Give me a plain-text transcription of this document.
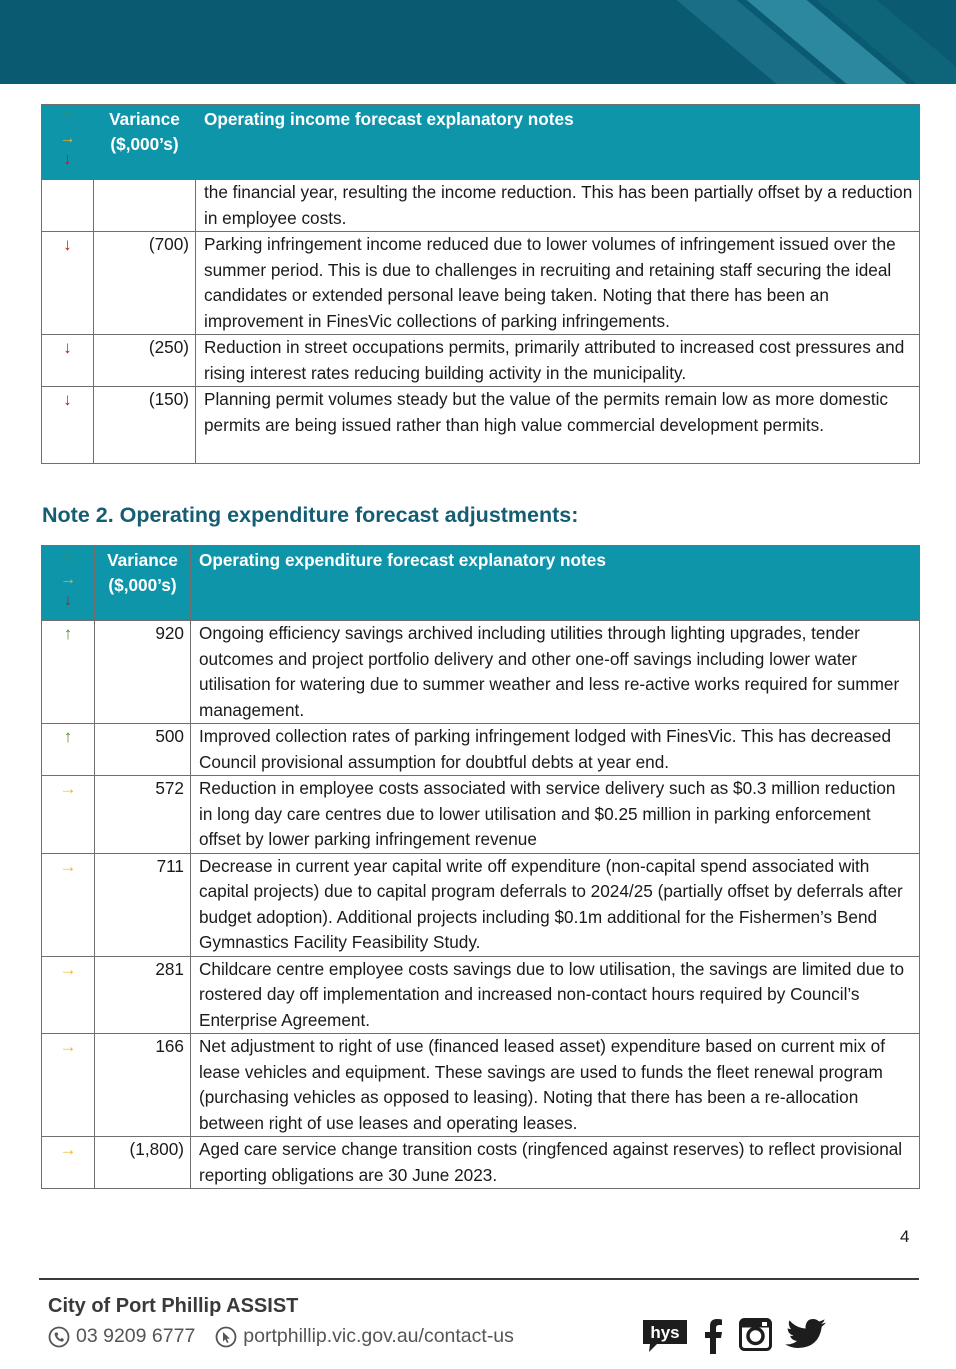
↑
→
↓	Variance ($,000’s)	Operating income forecast explanatory notes
		the financial year, resulting the income reduction. This has been partially offset by a reduction in employee costs.
↓	(700)	Parking infringement income reduced due to lower volumes of infringement issued over the summer period. This is due to challenges in recruiting and retaining staff securing the ideal candidates or extended personal leave being taken. Noting that there has been an improvement in FinesVic collections of parking infringements.
↓	(250)	Reduction in street occupations permits, primarily attributed to increased cost pressures and rising interest rates reducing building activity in the municipality.
↓	(150)	Planning permit volumes steady but the value of the permits remain low as more domestic permits are being issued rather than high value commercial development permits.
Note 2. Operating expenditure forecast adjustments:
↑
→
↓	Variance ($,000’s)	Operating expenditure forecast explanatory notes
↑	920	Ongoing efficiency savings archived including utilities through lighting upgrades, tender outcomes and project portfolio delivery and other one-off savings including lower water utilisation for watering due to summer weather and less re-active works required for summer management.
↑	500	Improved collection rates of parking infringement lodged with FinesVic. This has decreased Council provisional assumption for doubtful debts at year end.
→	572	Reduction in employee costs associated with service delivery such as $0.3 million reduction in long day care centres due to lower utilisation and $0.25 million in parking enforcement offset by lower parking infringement revenue
→	711	Decrease in current year capital write off expenditure (non-capital spend associated with capital projects) due to capital program deferrals to 2024/25 (partially offset by deferrals after budget adoption). Additional projects including $0.1m additional for the Fishermen’s Bend Gymnastics Facility Feasibility Study.
→	281	Childcare centre employee costs savings due to low utilisation, the savings are limited due to rostered day off implementation and increased non-contact hours required by Council’s Enterprise Agreement.
→	166	Net adjustment to right of use (financed leased asset) expenditure based on current mix of lease vehicles and equipment. These savings are used to funds the fleet renewal program (purchasing vehicles as opposed to leasing). Noting that there has been a re-allocation between right of use leases and operating leases.
→	(1,800)	Aged care service change transition costs (ringfenced against reserves) to reflect provisional reporting obligations are 30 June 2023.
4
City of Port Phillip ASSIST
03 9209 6777 portphillip.vic.gov.au/contact-us	hys
